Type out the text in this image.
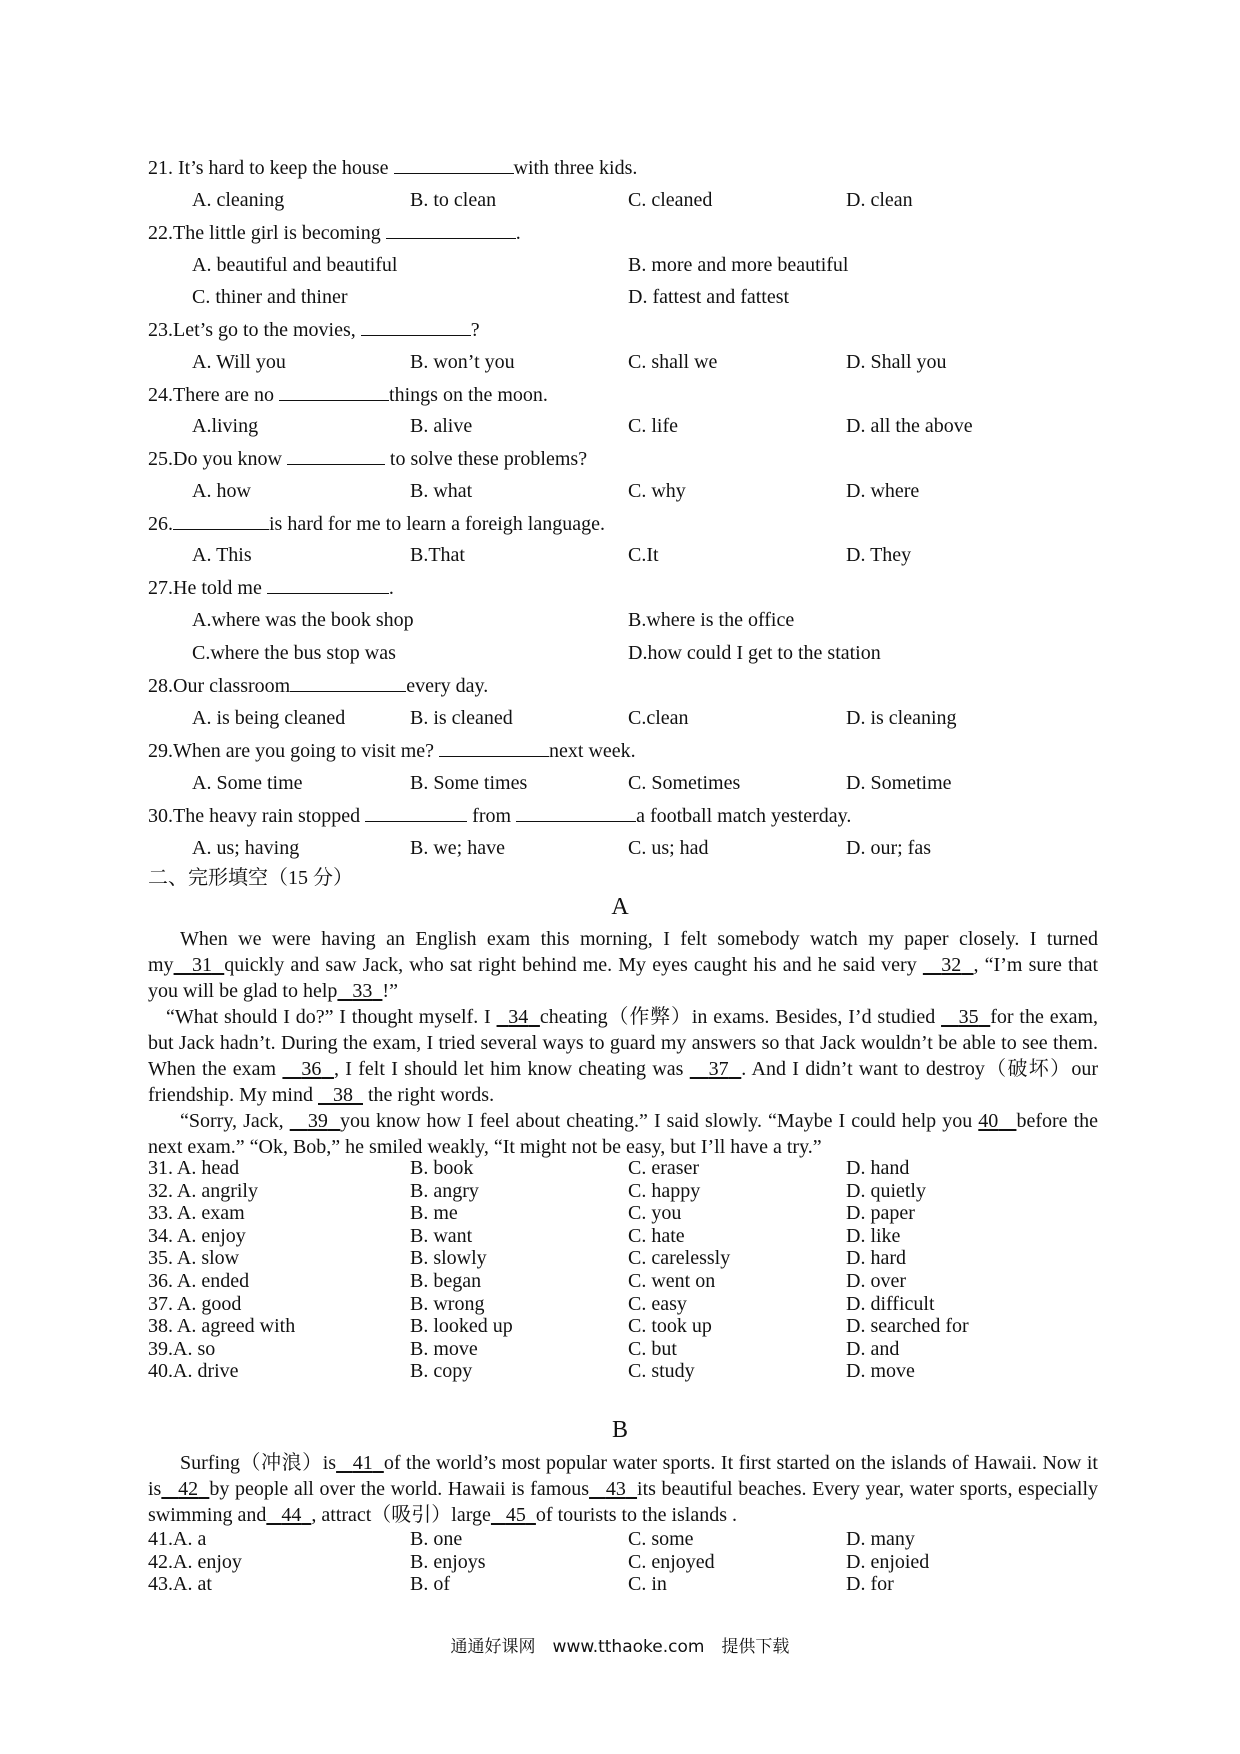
21. It’s hard to keep the house	with three kids.
A. cleaning	B. to clean	C. cleaned	D. clean
22.The little girl is becoming	.
A. beautiful and beautiful	B. more and more beautiful
C. thiner and thiner	D. fattest and fattest
23.Let’s go to the movies,	?
A. Will you	B. won’t you	C. shall we	D. Shall you
24.There are no	things on the moon.
A.living	B. alive	C. life	D. all the above
25.Do you know	to solve these problems?
A. how	B. what	C. why	D. where
26.	is hard for me to learn a foreigh language.
A. This	B.That	C.It	D. They
27.He told me	.
A.where was the book shop	B.where is the office
C.where the bus stop was	D.how could I get to the station
28.Our classroom	every day.
A. is being cleaned	B. is cleaned	C.clean	D. is cleaning
29.When are you going to visit me?	next week.
A. Some time	B. Some times	C. Sometimes	D. Sometime
30.The heavy rain stopped	from	a football match yesterday.
A. us; having	B. we; have	C. us; had	D. our; fas
二、完形填空（15 分）
A
When we were having an English exam this morning, I felt somebody watch my paper closely. I turned my 31 quickly and saw Jack, who sat right behind me. My eyes caught his and he said very 32 , “I’m sure that you will be glad to help 33 !”
“What should I do?” I thought myself. I 34 cheating（作弊）in exams. Besides, I’d studied 35 for the exam, but Jack hadn’t. During the exam, I tried several ways to guard my answers so that Jack wouldn’t be able to see them. When the exam 36 , I felt I should let him know cheating was 37 . And I didn’t want to destroy（破坏）our friendship. My mind 38 the right words.
“Sorry, Jack, 39 you know how I feel about cheating.” I said slowly. “Maybe I could help you 40 before the next exam.” “Ok, Bob,” he smiled weakly, “It might not be easy, but I’ll have a try.”
31. A. head	B. book	C. eraser	D. hand
32. A. angrily	B. angry	C. happy	D. quietly
33. A. exam	B. me	C. you	D. paper
34. A. enjoy	B. want	C. hate	D. like
35. A. slow	B. slowly	C. carelessly	D. hard
36. A. ended	B. began	C. went on	D. over
37. A. good	B. wrong	C. easy	D. difficult
38. A. agreed with	B. looked up	C. took up	D. searched for
39.A. so	B. move	C. but	D. and
40.A. drive	B. copy	C. study	D. move
B
Surfing（冲浪）is 41 of the world’s most popular water sports. It first started on the islands of Hawaii. Now it is 42 by people all over the world. Hawaii is famous 43 its beautiful beaches. Every year, water sports, especially swimming and 44 , attract（吸引）large 45 of tourists to the islands .
41.A. a	B. one	C. some	D. many
42.A. enjoy	B. enjoys	C. enjoyed	D. enjoied
43.A. at	B. of	C. in	D. for
通通好课网　www.tthaoke.com　提供下载
